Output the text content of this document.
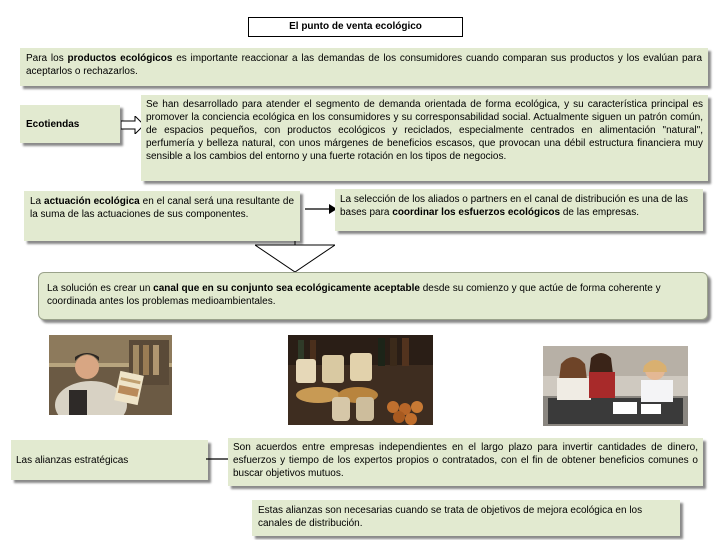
El punto de venta ecológico
Para los productos ecológicos es importante reaccionar a las demandas de los consumidores cuando comparan sus productos y los evalúan para aceptarlos o rechazarlos.
Ecotiendas
Se han desarrollado para atender el segmento de demanda orientada de forma ecológica, y su característica principal es promover la conciencia ecológica en los consumidores y su corresponsabilidad social. Actualmente siguen un patrón común, de espacios pequeños, con productos ecológicos y reciclados, especialmente centrados en alimentación "natural", perfumería y belleza natural, con unos márgenes de beneficios escasos, que provocan una débil estructura financiera muy sensible a los cambios del entorno y una fuerte rotación en los tipos de negocios.
La actuación ecológica en el canal será una resultante de la suma de las actuaciones de sus componentes.
La selección de los aliados o partners en el canal de distribución es una de las bases para coordinar los esfuerzos ecológicos de las empresas.
La solución es crear un canal que en su conjunto sea ecológicamente aceptable desde su comienzo y que actúe de forma coherente y coordinada antes los problemas medioambientales.
Las alianzas estratégicas
Son acuerdos entre empresas independientes en el largo plazo para invertir cantidades de dinero, esfuerzos y tiempo de los expertos propios o contratados, con el fin de obtener beneficios comunes o buscar objetivos mutuos.
Estas alianzas son necesarias cuando se trata de objetivos de mejora ecológica en los canales de distribución.
